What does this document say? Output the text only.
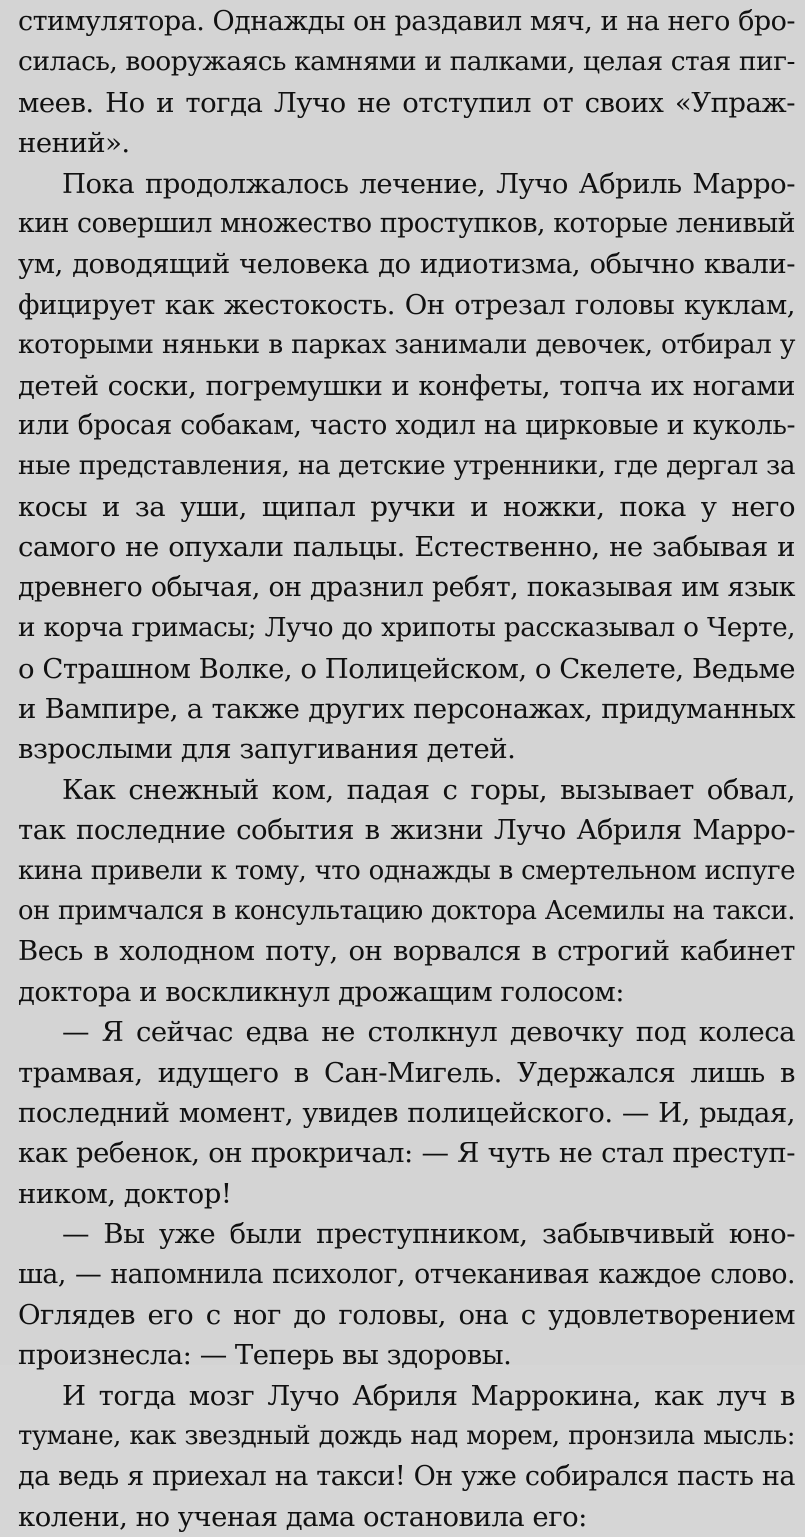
стимулятора. Однажды он раздавил мяч, и на него бро-
силась, вооружаясь камнями и палками, целая стая пиг-
меев. Но и тогда Лучо не отступил от своих «Упраж-
нений».
Пока продолжалось лечение, Лучо Абриль Марро-
кин совершил множество проступков, которые ленивый
ум, доводящий человека до идиотизма, обычно квали-
фицирует как жестокость. Он отрезал головы куклам,
которыми няньки в парках занимали девочек, отбирал у
детей соски, погремушки и конфеты, топча их ногами
или бросая собакам, часто ходил на цирковые и куколь-
ные представления, на детские утренники, где дергал за
косы и за уши, щипал ручки и ножки, пока у него
самого не опухали пальцы. Естественно, не забывая и
древнего обычая, он дразнил ребят, показывая им язык
и корча гримасы; Лучо до хрипоты рассказывал о Черте,
о Страшном Волке, о Полицейском, о Скелете, Ведьме
и Вампире, а также других персонажах, придуманных
взрослыми для запугивания детей.
Как снежный ком, падая с горы, вызывает обвал,
так последние события в жизни Лучо Абриля Марро-
кина привели к тому, что однажды в смертельном испуге
он примчался в консультацию доктора Асемилы на такси.
Весь в холодном поту, он ворвался в строгий кабинет
доктора и воскликнул дрожащим голосом:
— Я сейчас едва не столкнул девочку под колеса
трамвая, идущего в Сан-Мигель. Удержался лишь в
последний момент, увидев полицейского. — И, рыдая,
как ребенок, он прокричал: — Я чуть не стал преступ-
ником, доктор!
— Вы уже были преступником, забывчивый юно-
ша, — напомнила психолог, отчеканивая каждое слово.
Оглядев его с ног до головы, она с удовлетворением
произнесла: — Теперь вы здоровы.
И тогда мозг Лучо Абриля Маррокина, как луч в
тумане, как звездный дождь над морем, пронзила мысль:
да ведь я приехал на такси! Он уже собирался пасть на
колени, но ученая дама остановила его:
